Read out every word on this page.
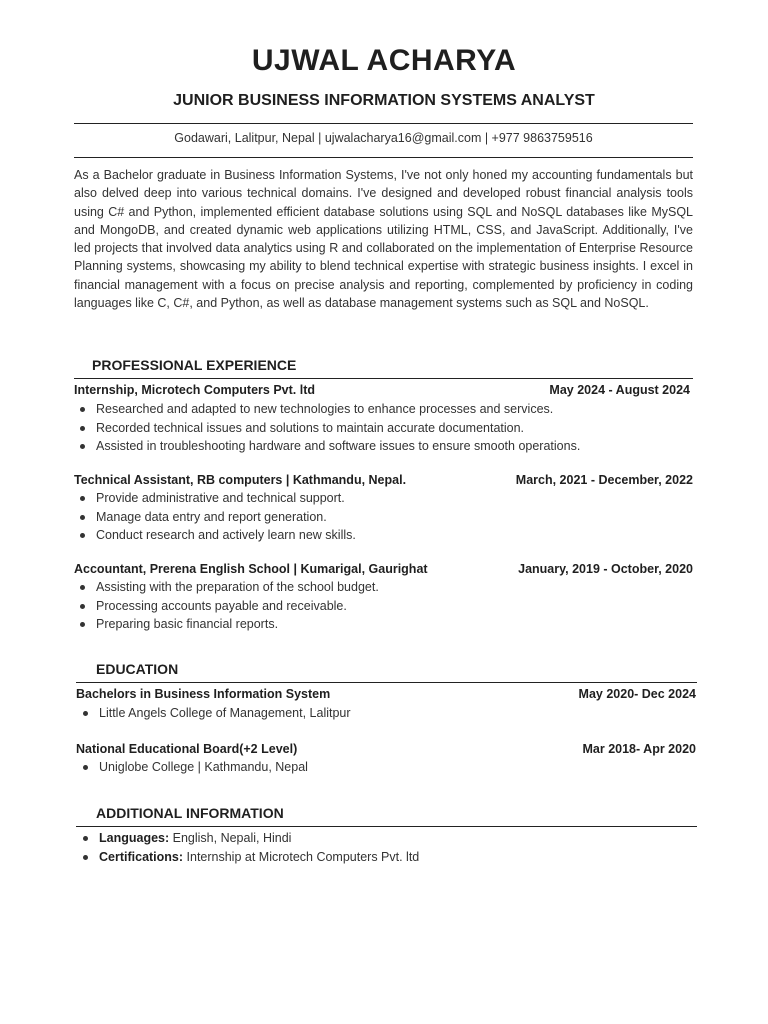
UJWAL ACHARYA
JUNIOR BUSINESS INFORMATION SYSTEMS ANALYST
Godawari, Lalitpur, Nepal | ujwalacharya16@gmail.com | +977 9863759516

As a Bachelor graduate in Business Information Systems, I've not only honed my accounting fundamentals but also delved deep into various technical domains. I've designed and developed robust financial analysis tools using C# and Python, implemented efficient database solutions using SQL and NoSQL databases like MySQL and MongoDB, and created dynamic web applications utilizing HTML, CSS, and JavaScript. Additionally, I've led projects that involved data analytics using R and collaborated on the implementation of Enterprise Resource Planning systems, showcasing my ability to blend technical expertise with strategic business insights. I excel in financial management with a focus on precise analysis and reporting, complemented by proficiency in coding languages like C, C#, and Python, as well as database management systems such as SQL and NoSQL.

PROFESSIONAL EXPERIENCE
Internship, Microtech Computers Pvt. ltd	May 2024 - August 2024
Researched and adapted to new technologies to enhance processes and services.
Recorded technical issues and solutions to maintain accurate documentation.
Assisted in troubleshooting hardware and software issues to ensure smooth operations.
Technical Assistant, RB computers | Kathmandu, Nepal.	March, 2021 - December, 2022
Provide administrative and technical support.
Manage data entry and report generation.
Conduct research and actively learn new skills.
Accountant, Prerena English School | Kumarigal, Gaurighat	January, 2019 - October, 2020
Assisting with the preparation of the school budget.
Processing accounts payable and receivable.
Preparing basic financial reports.
EDUCATION
Bachelors in Business Information System	May 2020- Dec 2024
Little Angels College of Management, Lalitpur
National Educational Board(+2 Level)	Mar 2018- Apr 2020
Uniglobe College | Kathmandu, Nepal
ADDITIONAL INFORMATION
Languages: English, Nepali, Hindi
Certifications: Internship at Microtech Computers Pvt. ltd
